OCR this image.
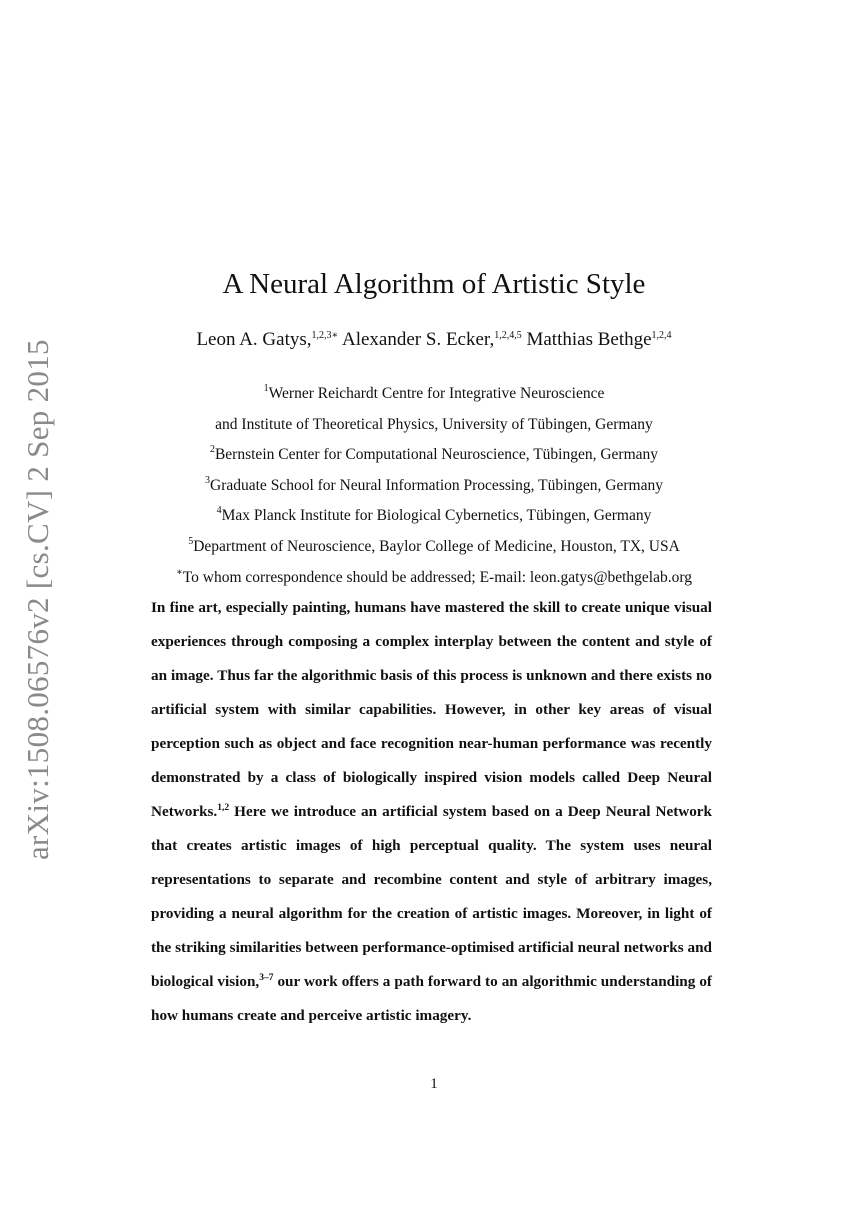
arXiv:1508.06576v2 [cs.CV] 2 Sep 2015
A Neural Algorithm of Artistic Style
Leon A. Gatys,$^{1,2,3∗}$ Alexander S. Ecker,$^{1,2,4,5}$ Matthias Bethge$^{1,2,4}$
$^1$Werner Reichardt Centre for Integrative Neuroscience
and Institute of Theoretical Physics, University of Tübingen, Germany
$^2$Bernstein Center for Computational Neuroscience, Tübingen, Germany
$^3$Graduate School for Neural Information Processing, Tübingen, Germany
$^4$Max Planck Institute for Biological Cybernetics, Tübingen, Germany
$^5$Department of Neuroscience, Baylor College of Medicine, Houston, TX, USA
∗To whom correspondence should be addressed; E-mail: leon.gatys@bethgelab.org
In fine art, especially painting, humans have mastered the skill to create unique visual experiences through composing a complex interplay between the content and style of an image. Thus far the algorithmic basis of this process is unknown and there exists no artificial system with similar capabilities. However, in other key areas of visual perception such as object and face recognition near-human performance was recently demonstrated by a class of biologically inspired vision models called Deep Neural Networks.$^{1,2}$ Here we introduce an artificial system based on a Deep Neural Network that creates artistic images of high perceptual quality. The system uses neural representations to separate and recombine content and style of arbitrary images, providing a neural algorithm for the creation of artistic images. Moreover, in light of the striking similarities between performance-optimised artificial neural networks and biological vision,$^{3-7}$ our work offers a path forward to an algorithmic understanding of how humans create and perceive artistic imagery.
1
